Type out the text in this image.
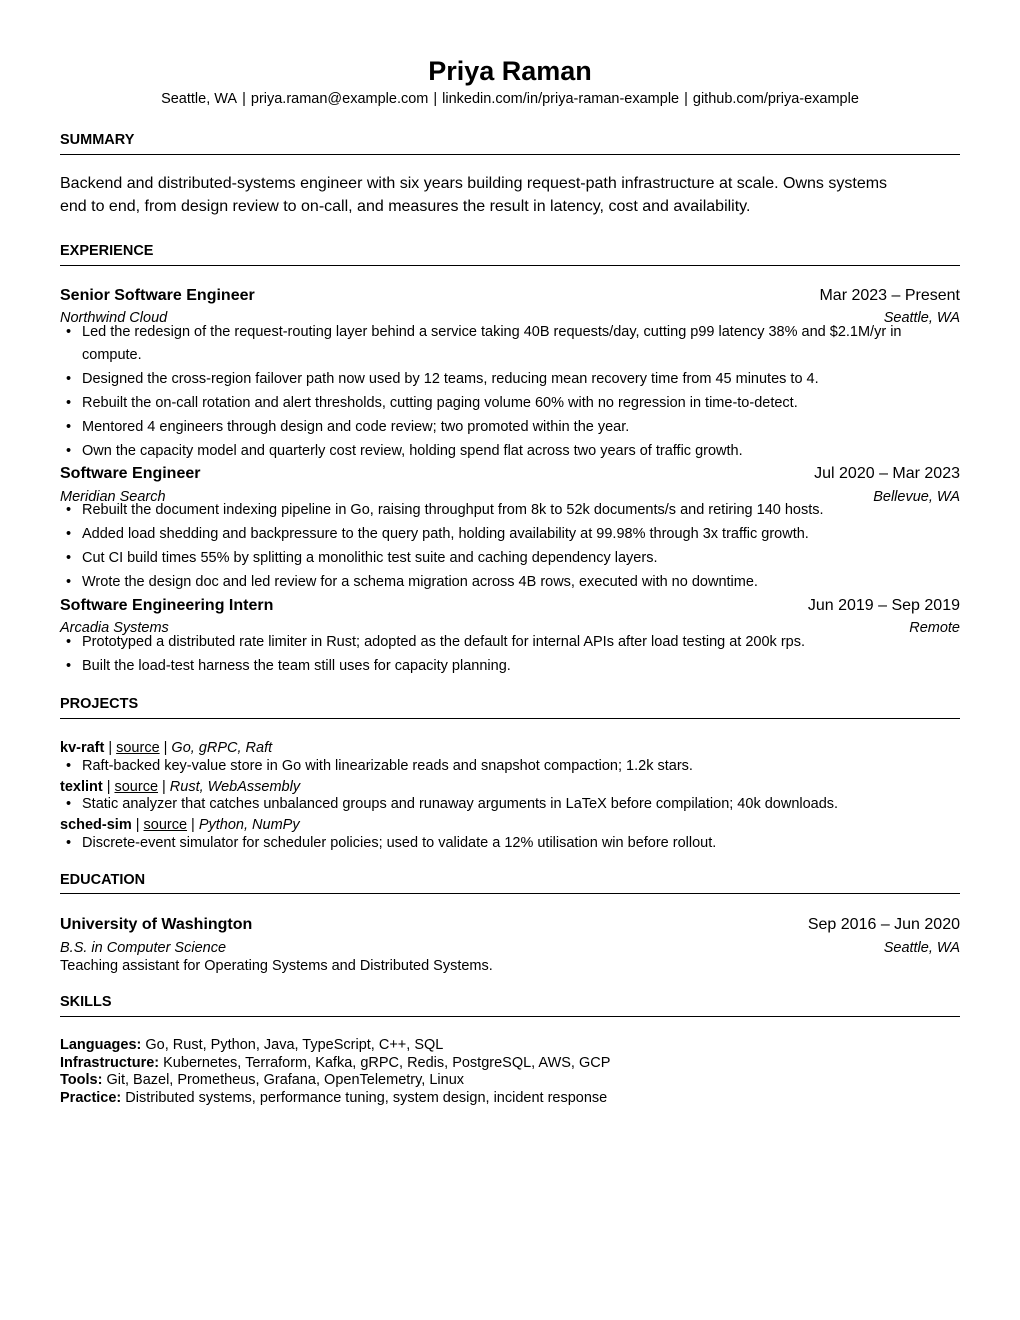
Priya Raman
Seattle, WA | priya.raman@example.com | linkedin.com/in/priya-raman-example | github.com/priya-example
SUMMARY
Backend and distributed-systems engineer with six years building request-path infrastructure at scale. Owns systems
end to end, from design review to on-call, and measures the result in latency, cost and availability.
EXPERIENCE
Senior Software Engineer	Mar 2023 – Present
Northwind Cloud	Seattle, WA
• Led the redesign of the request-routing layer behind a service taking 40B requests/day, cutting p99 latency 38% and $2.1M/yr in
compute.
• Designed the cross-region failover path now used by 12 teams, reducing mean recovery time from 45 minutes to 4.
• Rebuilt the on-call rotation and alert thresholds, cutting paging volume 60% with no regression in time-to-detect.
• Mentored 4 engineers through design and code review; two promoted within the year.
• Own the capacity model and quarterly cost review, holding spend flat across two years of traffic growth.
Software Engineer	Jul 2020 – Mar 2023
Meridian Search	Bellevue, WA
• Rebuilt the document indexing pipeline in Go, raising throughput from 8k to 52k documents/s and retiring 140 hosts.
• Added load shedding and backpressure to the query path, holding availability at 99.98% through 3x traffic growth.
• Cut CI build times 55% by splitting a monolithic test suite and caching dependency layers.
• Wrote the design doc and led review for a schema migration across 4B rows, executed with no downtime.
Software Engineering Intern	Jun 2019 – Sep 2019
Arcadia Systems	Remote
• Prototyped a distributed rate limiter in Rust; adopted as the default for internal APIs after load testing at 200k rps.
• Built the load-test harness the team still uses for capacity planning.
PROJECTS
kv-raft | source | Go, gRPC, Raft
• Raft-backed key-value store in Go with linearizable reads and snapshot compaction; 1.2k stars.
texlint | source | Rust, WebAssembly
• Static analyzer that catches unbalanced groups and runaway arguments in LaTeX before compilation; 40k downloads.
sched-sim | source | Python, NumPy
• Discrete-event simulator for scheduler policies; used to validate a 12% utilisation win before rollout.
EDUCATION
University of Washington	Sep 2016 – Jun 2020
B.S. in Computer Science	Seattle, WA
Teaching assistant for Operating Systems and Distributed Systems.
SKILLS
Languages: Go, Rust, Python, Java, TypeScript, C++, SQL
Infrastructure: Kubernetes, Terraform, Kafka, gRPC, Redis, PostgreSQL, AWS, GCP
Tools: Git, Bazel, Prometheus, Grafana, OpenTelemetry, Linux
Practice: Distributed systems, performance tuning, system design, incident response
